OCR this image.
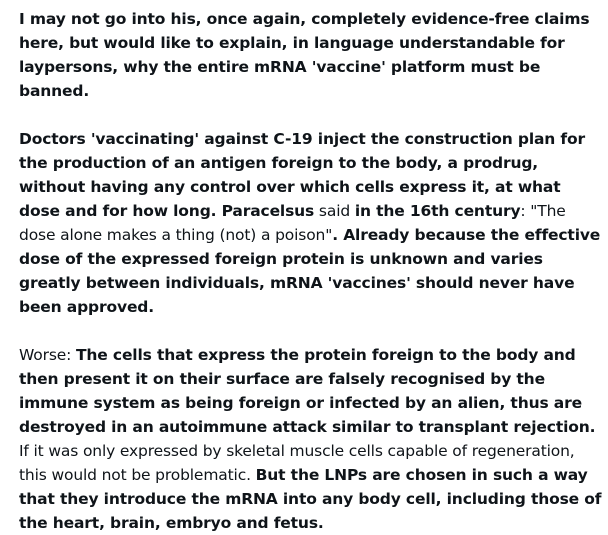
I may not go into his, once again, completely evidence-free claims here, but would like to explain, in language understandable for laypersons, why the entire mRNA 'vaccine' platform must be banned.

Doctors 'vaccinating' against C-19 inject the construction plan for the production of an antigen foreign to the body, a prodrug, without having any control over which cells express it, at what dose and for how long. Paracelsus said in the 16th century: "The dose alone makes a thing (not) a poison". Already because the effective dose of the expressed foreign protein is unknown and varies greatly between individuals, mRNA 'vaccines' should never have been approved.

Worse: The cells that express the protein foreign to the body and then present it on their surface are falsely recognised by the immune system as being foreign or infected by an alien, thus are destroyed in an autoimmune attack similar to transplant rejection. If it was only expressed by skeletal muscle cells capable of regeneration, this would not be problematic. But the LNPs are chosen in such a way that they introduce the mRNA into any body cell, including those of the heart, brain, embryo and fetus.
